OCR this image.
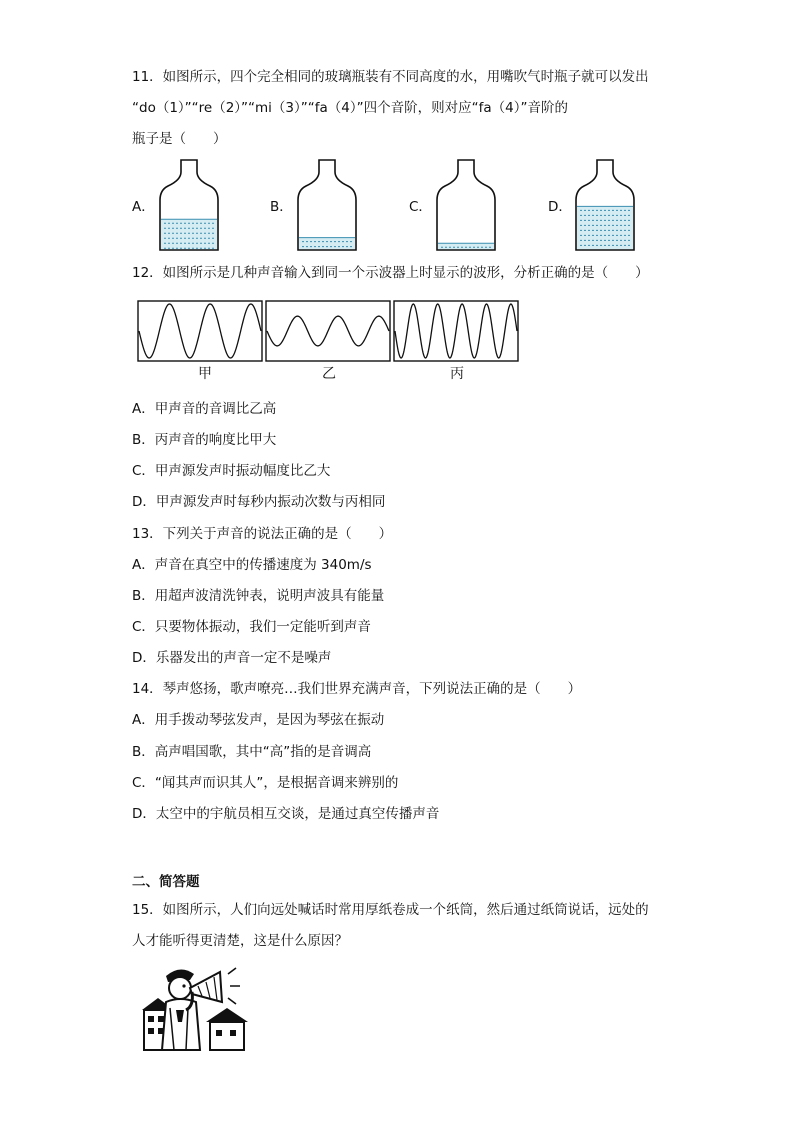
11．如图所示，四个完全相同的玻璃瓶装有不同高度的水，用嘴吹气时瓶子就可以发出
“do（1）”“re（2）”“mi（3）”“fa（4）”四个音阶，则对应“fa（4）”音阶的
瓶子是（　　）
A．	B．	C．	D．
12．如图所示是几种声音输入到同一个示波器上时显示的波形，分析正确的是（　　）
甲	乙	丙
A．甲声音的音调比乙高
B．丙声音的响度比甲大
C．甲声源发声时振动幅度比乙大
D．甲声源发声时每秒内振动次数与丙相同
13．下列关于声音的说法正确的是（　　）
A．声音在真空中的传播速度为 340m/s
B．用超声波清洗钟表，说明声波具有能量
C．只要物体振动，我们一定能听到声音
D．乐器发出的声音一定不是噪声
14．琴声悠扬，歌声嘹亮…我们世界充满声音，下列说法正确的是（　　）
A．用手拨动琴弦发声，是因为琴弦在振动
B．高声唱国歌，其中“高”指的是音调高
C．“闻其声而识其人”，是根据音调来辨别的
D．太空中的宇航员相互交谈，是通过真空传播声音
二、简答题
15．如图所示，人们向远处喊话时常用厚纸卷成一个纸筒，然后通过纸筒说话，远处的
人才能听得更清楚，这是什么原因？
